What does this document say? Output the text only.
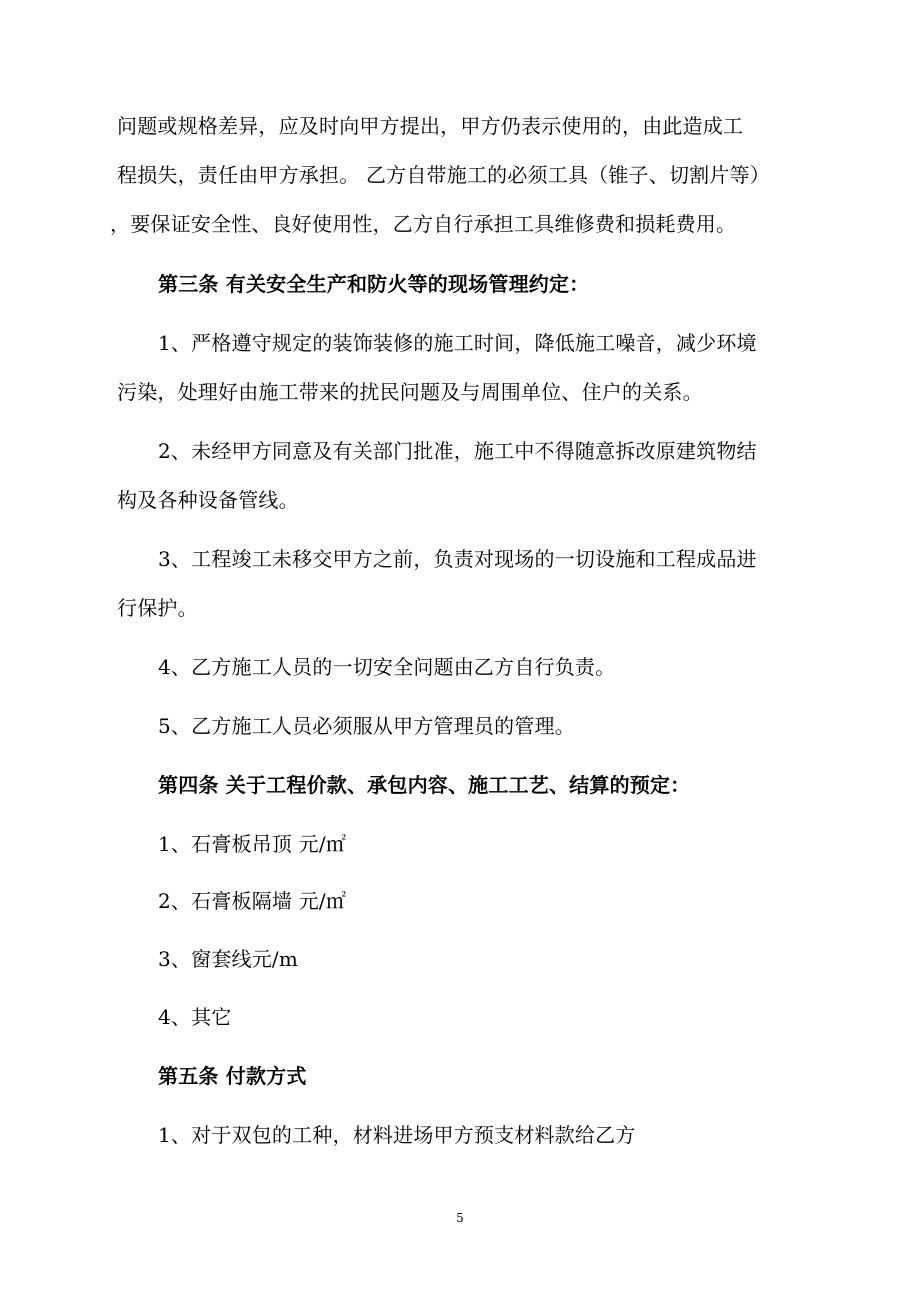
问题或规格差异，应及时向甲方提出，甲方仍表示使用的，由此造成工
程损失，责任由甲方承担。 乙方自带施工的必须工具（锥子、切割片等）
，要保证安全性、良好使用性，乙方自行承担工具维修费和损耗费用。
第三条 有关安全生产和防火等的现场管理约定：
1、严格遵守规定的装饰装修的施工时间，降低施工噪音，减少环境
污染，处理好由施工带来的扰民问题及与周围单位、住户的关系。
2、未经甲方同意及有关部门批准，施工中不得随意拆改原建筑物结
构及各种设备管线。
3、工程竣工未移交甲方之前，负责对现场的一切设施和工程成品进
行保护。
4、乙方施工人员的一切安全问题由乙方自行负责。
5、乙方施工人员必须服从甲方管理员的管理。
第四条 关于工程价款、承包内容、施工工艺、结算的预定：
1、石膏板吊顶 元/㎡
2、石膏板隔墙 元/㎡
3、窗套线元/m
4、其它
第五条 付款方式
1、对于双包的工种，材料进场甲方预支材料款给乙方
5
